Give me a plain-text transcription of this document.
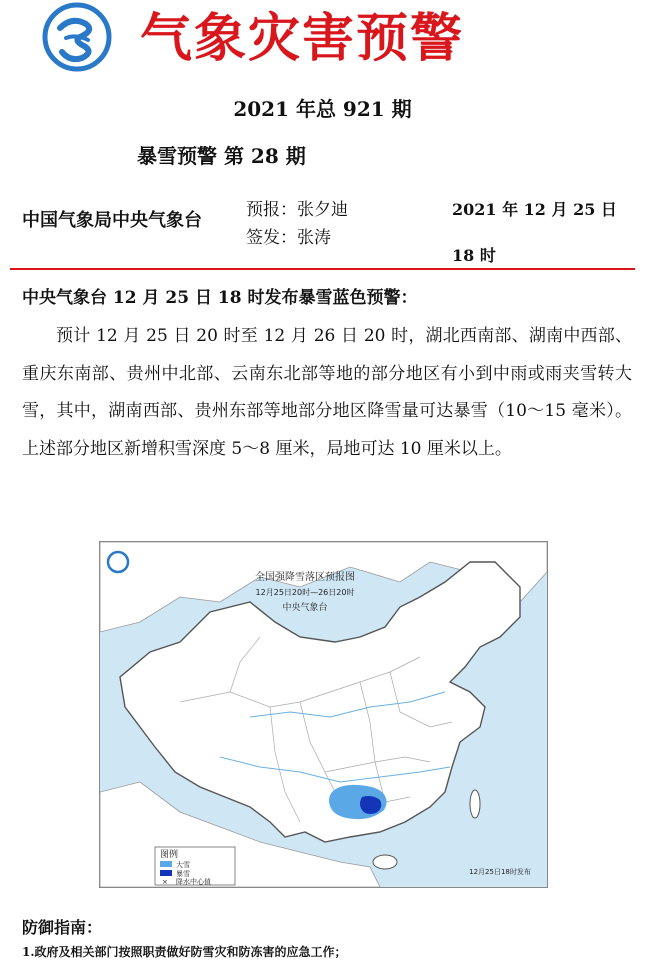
气象灾害预警
2021 年总 921 期
暴雪预警 第 28 期
中国气象局中央气象台	预报：张夕迪
签发：张涛
2021 年 12 月 25 日 18 时
中央气象台 12 月 25 日 18 时发布暴雪蓝色预警：
预计 12 月 25 日 20 时至 12 月 26 日 20 时，湖北西南部、湖南中西部、重庆东南部、贵州中北部、云南东北部等地的部分地区有小到中雨或雨夹雪转大雪，其中，湖南西部、贵州东部等地部分地区降雪量可达暴雪（10～15 毫米）。上述部分地区新增积雪深度 5～8 厘米，局地可达 10 厘米以上。
全国强降雪落区预报图
12月25日20时—26日20时
中央气象台
图例
大雪
暴雪
× 降水中心值
12月25日18时发布
防御指南：
1.政府及相关部门按照职责做好防雪灾和防冻害的应急工作；
